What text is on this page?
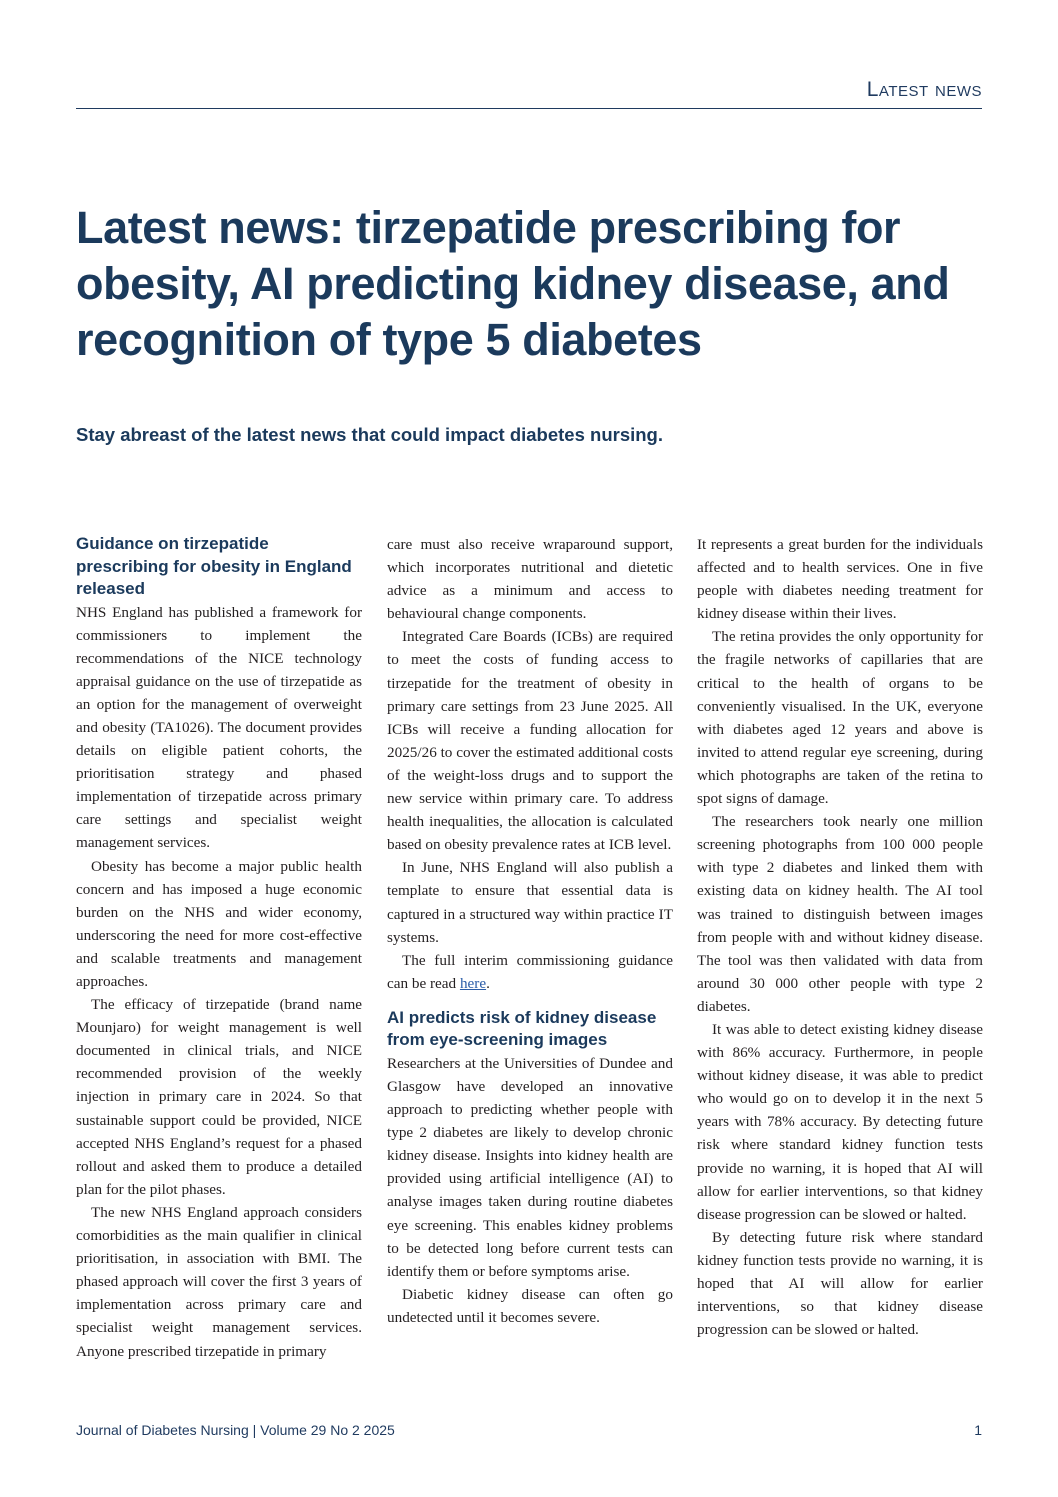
Latest news
Latest news: tirzepatide prescribing for obesity, AI predicting kidney disease, and recognition of type 5 diabetes

Stay abreast of the latest news that could impact diabetes nursing.

Guidance on tirzepatide prescribing for obesity in England released

NHS England has published a framework for commissioners to implement the recommendations of the NICE technology appraisal guidance on the use of tirzepatide as an option for the management of overweight and obesity (TA1026). The document provides details on eligible patient cohorts, the prioritisation strategy and phased implementation of tirzepatide across primary care settings and specialist weight management services.

Obesity has become a major public health concern and has imposed a huge economic burden on the NHS and wider economy, underscoring the need for more cost-effective and scalable treatments and management approaches.

The efficacy of tirzepatide (brand name Mounjaro) for weight management is well documented in clinical trials, and NICE recommended provision of the weekly injection in primary care in 2024. So that sustainable support could be provided, NICE accepted NHS England’s request for a phased rollout and asked them to produce a detailed plan for the pilot phases.

The new NHS England approach considers comorbidities as the main qualifier in clinical prioritisation, in association with BMI. The phased approach will cover the first 3 years of implementation across primary care and specialist weight management services. Anyone prescribed tirzepatide in primary

care must also receive wraparound support, which incorporates nutritional and dietetic advice as a minimum and access to behavioural change components.

Integrated Care Boards (ICBs) are required to meet the costs of funding access to tirzepatide for the treatment of obesity in primary care settings from 23 June 2025. All ICBs will receive a funding allocation for 2025/26 to cover the estimated additional costs of the weight-loss drugs and to support the new service within primary care. To address health inequalities, the allocation is calculated based on obesity prevalence rates at ICB level.

In June, NHS England will also publish a template to ensure that essential data is captured in a structured way within practice IT systems.

The full interim commissioning guidance can be read here.

AI predicts risk of kidney disease from eye-screening images

Researchers at the Universities of Dundee and Glasgow have developed an innovative approach to predicting whether people with type 2 diabetes are likely to develop chronic kidney disease. Insights into kidney health are provided using artificial intelligence (AI) to analyse images taken during routine diabetes eye screening. This enables kidney problems to be detected long before current tests can identify them or before symptoms arise.

Diabetic kidney disease can often go undetected until it becomes severe.

It represents a great burden for the individuals affected and to health services. One in five people with diabetes needing treatment for kidney disease within their lives.

The retina provides the only opportunity for the fragile networks of capillaries that are critical to the health of organs to be conveniently visualised. In the UK, everyone with diabetes aged 12 years and above is invited to attend regular eye screening, during which photographs are taken of the retina to spot signs of damage.

The researchers took nearly one million screening photographs from 100 000 people with type 2 diabetes and linked them with existing data on kidney health. The AI tool was trained to distinguish between images from people with and without kidney disease. The tool was then validated with data from around 30 000 other people with type 2 diabetes.

It was able to detect existing kidney disease with 86% accuracy. Furthermore, in people without kidney disease, it was able to predict who would go on to develop it in the next 5 years with 78% accuracy. By detecting future risk where standard kidney function tests provide no warning, it is hoped that AI will allow for earlier interventions, so that kidney disease progression can be slowed or halted.

By detecting future risk where standard kidney function tests provide no warning, it is hoped that AI will allow for earlier interventions, so that kidney disease progression can be slowed or halted.

Journal of Diabetes Nursing | Volume 29 No 2 2025	1
